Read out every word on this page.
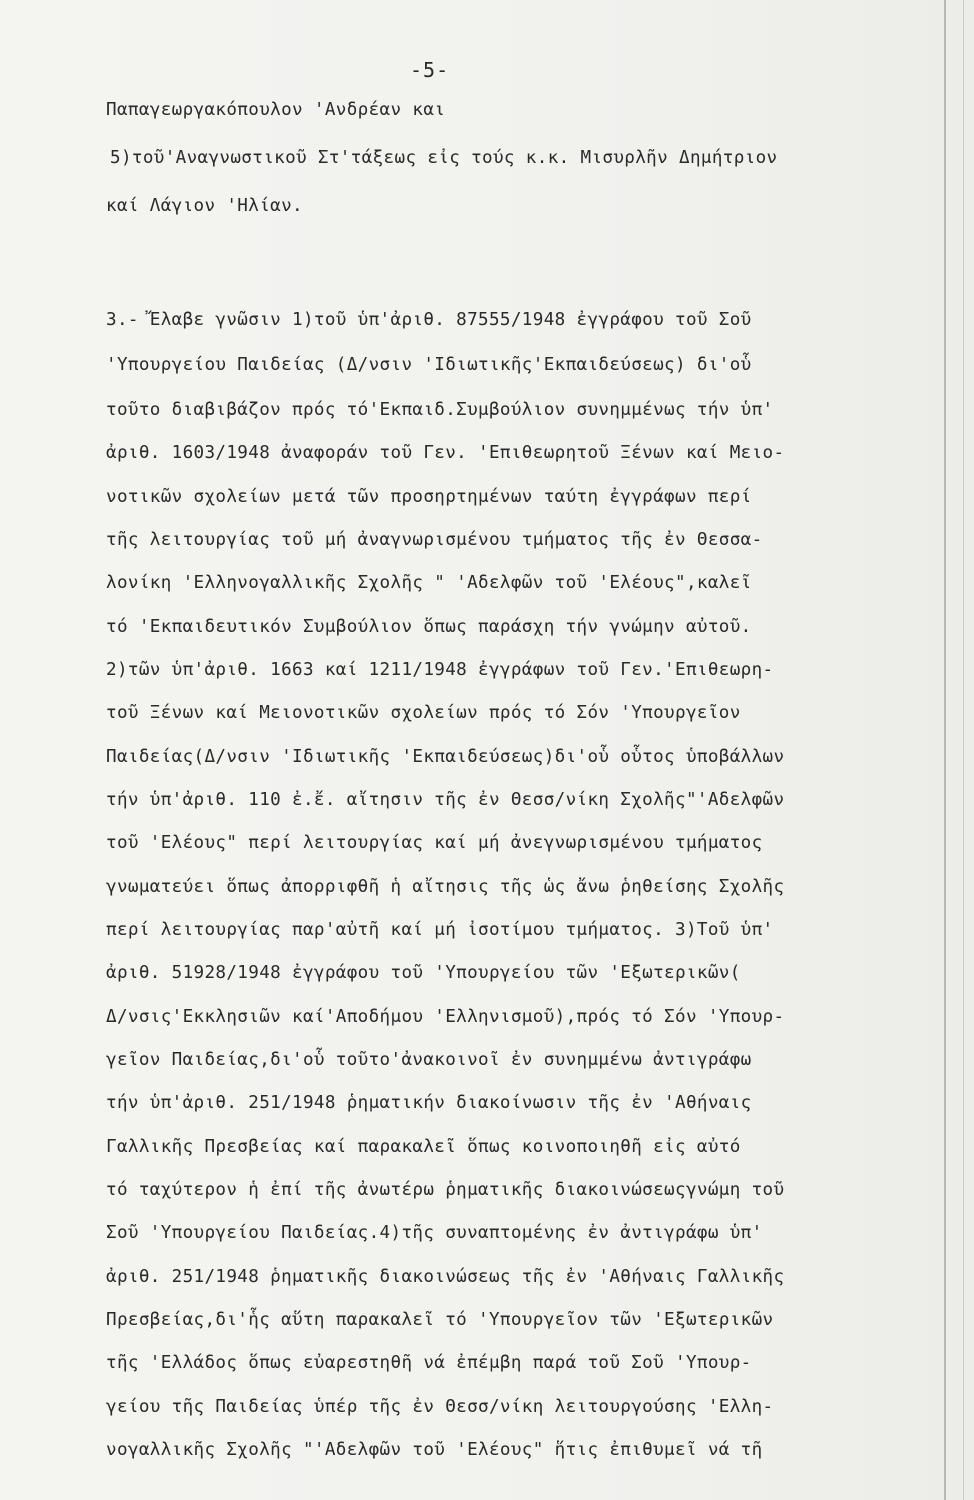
-5-
Παπαγεωργακόπουλον 'Ανδρέαν και
5)τοῦ'Αναγνωστικοῦ Στ'τάξεως εἰς τούς κ.κ. Μισυρλῆν Δημήτριον
καί Λάγιον 'Ηλίαν.
3.- Ἔλαβε γνῶσιν 1)τοῦ ὑπ'ἀριθ. 87555/1948 ἐγγράφου τοῦ Σοῦ
'Υπουργείου Παιδείας (Δ/νσιν 'Ιδιωτικῆς'Εκπαιδεύσεως) δι'οὗ
τοῦτο διαβιβάζον πρός τό'Εκπαιδ.Συμβούλιον συνημμένως τήν ὑπ'
ἀριθ. 1603/1948 ἀναφοράν τοῦ Γεν. 'Επιθεωρητοῦ Ξένων καί Μειο-
νοτικῶν σχολείων μετά τῶν προσηρτημένων ταύτη ἐγγράφων περί
τῆς λειτουργίας τοῦ μή ἀναγνωρισμένου τμήματος τῆς ἐν Θεσσα-
λονίκη 'Ελληνογαλλικῆς Σχολῆς " 'Αδελφῶν τοῦ 'Ελέους",καλεῖ
τό 'Εκπαιδευτικόν Συμβούλιον ὅπως παράσχη τήν γνώμην αὐτοῦ.
2)τῶν ὑπ'ἀριθ. 1663 καί 1211/1948 ἐγγράφων τοῦ Γεν.'Επιθεωρη-
τοῦ Ξένων καί Μειονοτικῶν σχολείων πρός τό Σόν 'Υπουργεῖον
Παιδείας(Δ/νσιν 'Ιδιωτικῆς 'Εκπαιδεύσεως)δι'οὗ οὗτος ὑποβάλλων
τήν ὑπ'ἀριθ. 110 ἐ.ἔ. αἴτησιν τῆς ἐν Θεσσ/νίκη Σχολῆς"'Αδελφῶν
τοῦ 'Ελέους" περί λειτουργίας καί μή ἀνεγνωρισμένου τμήματος
γνωματεύει ὅπως ἀπορριφθῆ ἡ αἴτησις τῆς ὡς ἄνω ῥηθείσης Σχολῆς
περί λειτουργίας παρ'αὐτῆ καί μή ἰσοτίμου τμήματος. 3)Τοῦ ὑπ'
ἀριθ. 51928/1948 ἐγγράφου τοῦ 'Υπουργείου τῶν 'Εξωτερικῶν(
Δ/νσις'Εκκλησιῶν καί'Αποδήμου 'Ελληνισμοῦ),πρός τό Σόν 'Υπουρ-
γεῖον Παιδείας,δι'οὗ τοῦτο'ἀνακοινοῖ ἐν συνημμένω ἀντιγράφω
τήν ὑπ'ἀριθ. 251/1948 ῥηματικήν διακοίνωσιν τῆς ἐν 'Αθήναις
Γαλλικῆς Πρεσβείας καί παρακαλεῖ ὅπως κοινοποιηθῆ εἰς αὐτό
τό ταχύτερον ἡ ἐπί τῆς ἀνωτέρω ῥηματικῆς διακοινώσεωςγνώμη τοῦ
Σοῦ 'Υπουργείου Παιδείας.4)τῆς συναπτομένης ἐν ἀντιγράφω ὑπ'
ἀριθ. 251/1948 ῥηματικῆς διακοινώσεως τῆς ἐν 'Αθήναις Γαλλικῆς
Πρεσβείας,δι'ἧς αὕτη παρακαλεῖ τό 'Υπουργεῖον τῶν 'Εξωτερικῶν
τῆς 'Ελλάδος ὅπως εὐαρεστηθῆ νά ἐπέμβη παρά τοῦ Σοῦ 'Υπουρ-
γείου τῆς Παιδείας ὑπέρ τῆς ἐν Θεσσ/νίκη λειτουργούσης 'Ελλη-
νογαλλικῆς Σχολῆς "'Αδελφῶν τοῦ 'Ελέους" ἥτις ἐπιθυμεῖ νά τῆ
